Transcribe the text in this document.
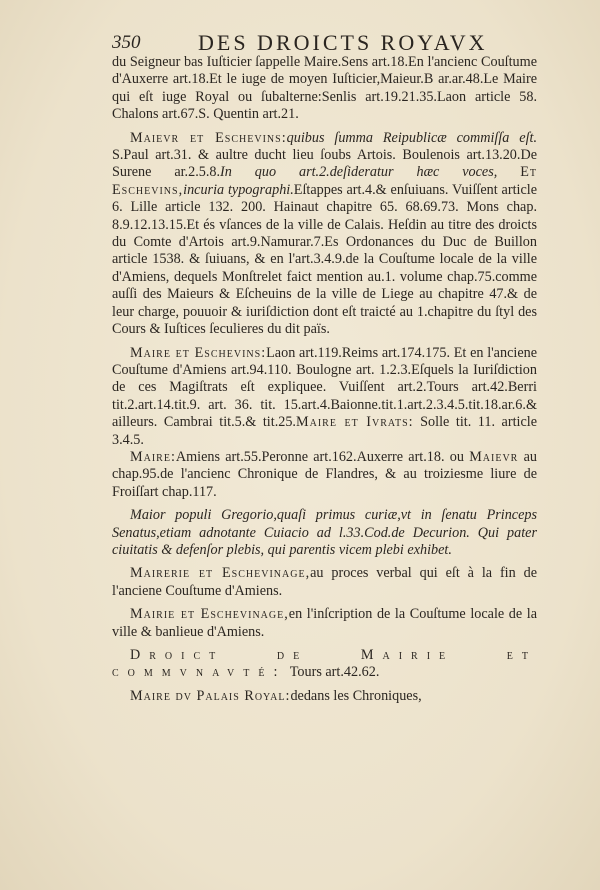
350	DES DROICTS ROYAVX

du Seigneur bas Iuſticier ſappelle Maire.Sens art.18.En l'ancienc Couſtume d'Auxerre art.18.Et le iuge de moyen Iuſticier,Maieur.B ar.ar.48.Le Maire qui eſt iuge Royal ou ſubalterne:Senlis art.19.21.35.Laon article 58. Chalons art.67.S. Quentin art.21.

Maievr et Eschevins:quibus ſumma Reipublicæ commiſſa eſt. S.Paul art.31. & aultre ducht lieu ſoubs Artois. Boulenois art.13.20.De Surene ar.2.5.8.In quo art.2.deſideratur hæc voces, Et Eschevins,incuria typographi.Eſtappes art.4.& enſuiuans. Vuiſſent article 6. Lille article 132. 200. Hainaut chapitre 65. 68.69.73. Mons chap. 8.9.12.13.15.Et és vſances de la ville de Calais. Heſdin au titre des droicts du Comte d'Artois art.9.Namurar.7.Es Ordonances du Duc de Buillon article 1538. & ſuiuans, & en l'art.3.4.9.de la Couſtume locale de la ville d'Amiens, dequels Monſtrelet faict mention au.1. volume chap.75.comme auſſi des Maieurs & Eſcheuins de la ville de Liege au chapitre 47.& de leur charge, pouuoir & iuriſdiction dont eſt traicté au 1.chapitre du ſtyl des Cours & Iuſtices ſeculieres du dit païs.

Maire et Eschevins:Laon art.119.Reims art.174.175. Et en l'anciene Couſtume d'Amiens art.94.110. Boulogne art. 1.2.3.Eſquels la Iuriſdiction de ces Magiſtrats eſt expliquee. Vuiſſent art.2.Tours art.42.Berri tit.2.art.14.tit.9. art. 36. tit. 15.art.4.Baionne.tit.1.art.2.3.4.5.tit.18.ar.6.& ailleurs. Cambrai tit.5.& tit.25.Maire et Ivrats: Solle tit. 11. article 3.4.5.

Maire:Amiens art.55.Peronne art.162.Auxerre art.18. ou Maievr au chap.95.de l'ancienc Chronique de Flandres, & au troiziesme liure de Froiſſart chap.117.

Maior populi Gregorio,quaſi primus curiæ,vt in ſenatu Princeps Senatus,etiam adnotante Cuiacio ad l.33.Cod.de Decurion. Qui pater ciuitatis & defenſor plebis, qui parentis vicem plebi exhibet.

Mairerie et Eschevinage,au proces verbal qui eſt à la fin de l'anciene Couſtume d'Amiens.

Mairie et Eschevinage,en l'inſcription de la Couſtume locale de la ville & banlieue d'Amiens.

Droict de Mairie et commvnavté: Tours art.42.62.

Maire dv Palais Royal:dedans les Chroniques,
